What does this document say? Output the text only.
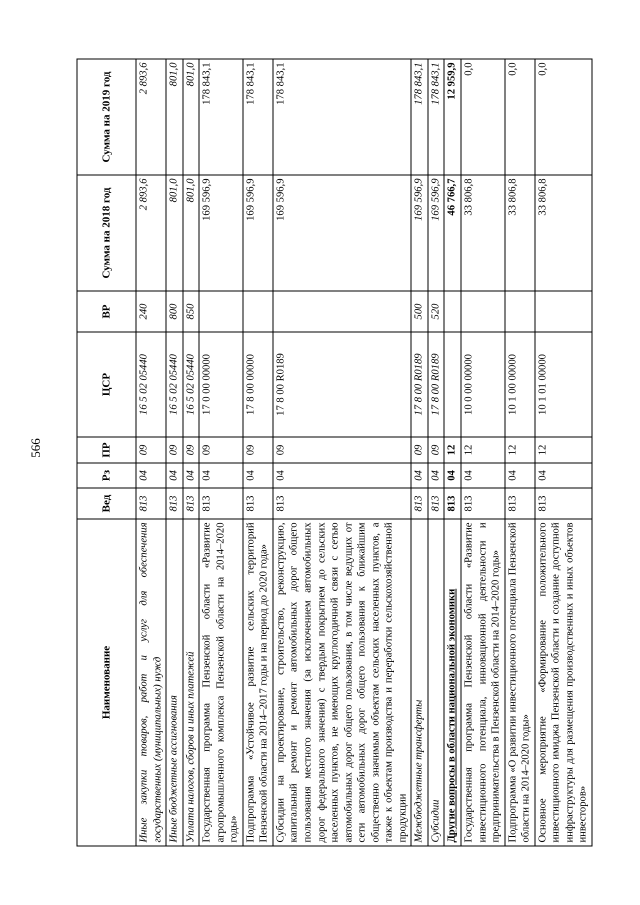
566
Наименование	Вед	Рз	ПР	ЦСР	ВР	Сумма на 2018 год	Сумма на 2019 год
Иные закупки товаров, работ и услуг для обеспечения государственных (муниципальных) нужд	813	04	09	16 5 02 05440	240	2 893,6	2 893,6
Иные бюджетные ассигнования	813	04	09	16 5 02 05440	800	801,0	801,0
Уплата налогов, сборов и иных платежей	813	04	09	16 5 02 05440	850	801,0	801,0
Государственная программа Пензенской области «Развитие агропромышленного комплекса Пензенской области на 2014–2020 годы»	813	04	09	17 0 00 00000		169 596,9	178 843,1
Подпрограмма «Устойчивое развитие сельских территорий Пензенской области на 2014–2017 годы и на период до 2020 года»	813	04	09	17 8 00 00000		169 596,9	178 843,1
Субсидии на проектирование, строительство, реконструкцию, капитальный ремонт и ремонт автомобильных дорог общего пользования местного значения (за исключением автомобильных дорог федерального значения) с твердым покрытием до сельских населенных пунктов, не имеющих круглогодичной связи с сетью автомобильных дорог общего пользования, в том числе ведущих от сети автомобильных дорог общего пользования к ближайшим общественно значимым объектам сельских населенных пунктов, а также к объектам производства и переработки сельскохозяйственной продукции	813	04	09	17 8 00 R0189		169 596,9	178 843,1
Межбюджетные трансферты	813	04	09	17 8 00 R0189	500	169 596,9	178 843,1
Субсидии	813	04	09	17 8 00 R0189	520	169 596,9	178 843,1
Другие вопросы в области национальной экономики	813	04	12			46 766,7	12 959,9
Государственная программа Пензенской области «Развитие инвестиционного потенциала, инновационной деятельности и предпринимательства в Пензенской области на 2014–2020 годы»	813	04	12	10 0 00 00000		33 806,8	0,0
Подпрограмма «О развитии инвестиционного потенциала Пензенской области на 2014–2020 годы»	813	04	12	10 1 00 00000		33 806,8	0,0
Основное мероприятие «Формирование положительного инвестиционного имиджа Пензенской области и создание доступной инфраструктуры для размещения производственных и иных объектов инвесторов»	813	04	12	10 1 01 00000		33 806,8	0,0
